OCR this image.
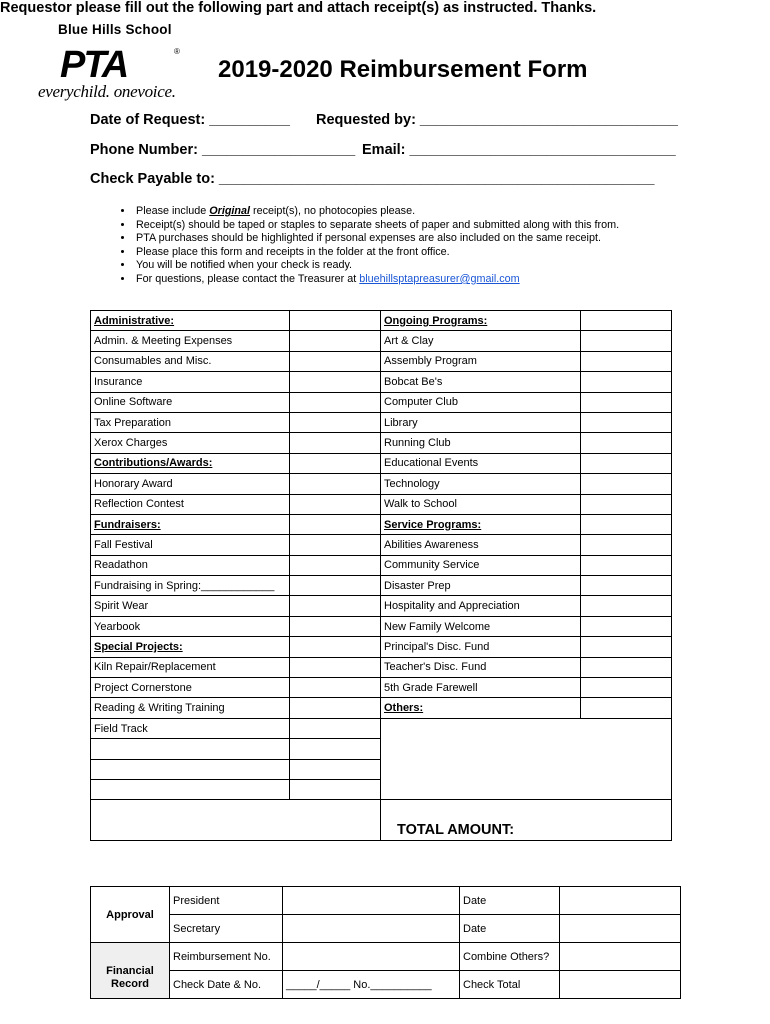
Blue Hills School
PTA	®
everychild. onevoice.
2019-2020 Reimbursement Form
Date of Request: __________ Requested by: ________________________________
Phone Number: ___________________ Email: _________________________________
Check Payable to: ______________________________________________________
Requestor please fill out the following part and attach receipt(s) as instructed. Thanks.
• Please include Original receipt(s), no photocopies please.
• Receipt(s) should be taped or staples to separate sheets of paper and submitted along with this from.
• PTA purchases should be highlighted if personal expenses are also included on the same receipt.
• Please place this form and receipts in the folder at the front office.
• You will be notified when your check is ready.
• For questions, please contact the Treasurer at bluehillsptapreasurer@gmail.com
Administrative:		Ongoing Programs:	
Admin. & Meeting Expenses		Art & Clay	
Consumables and Misc.		Assembly Program	
Insurance		Bobcat Be's	
Online Software		Computer Club	
Tax Preparation		Library	
Xerox Charges		Running Club	
Contributions/Awards:		Educational Events	
Honorary Award		Technology	
Reflection Contest		Walk to School	
Fundraisers:		Service Programs:	
Fall Festival		Abilities Awareness	
Readathon		Community Service	
Fundraising in Spring:____________		Disaster Prep	
Spirit Wear		Hospitality and Appreciation	
Yearbook		New Family Welcome	
Special Projects:		Principal's Disc. Fund	
Kiln Repair/Replacement		Teacher's Disc. Fund	
Project Cornerstone		5th Grade Farewell	
Reading & Writing Training		Others:	
Field Track			

		TOTAL AMOUNT:	
Approval	President		Date	
	Secretary		Date	
Financial Record	Reimbursement No.		Combine Others?	
	Check Date & No.	_____/_____ No.__________	Check Total	
